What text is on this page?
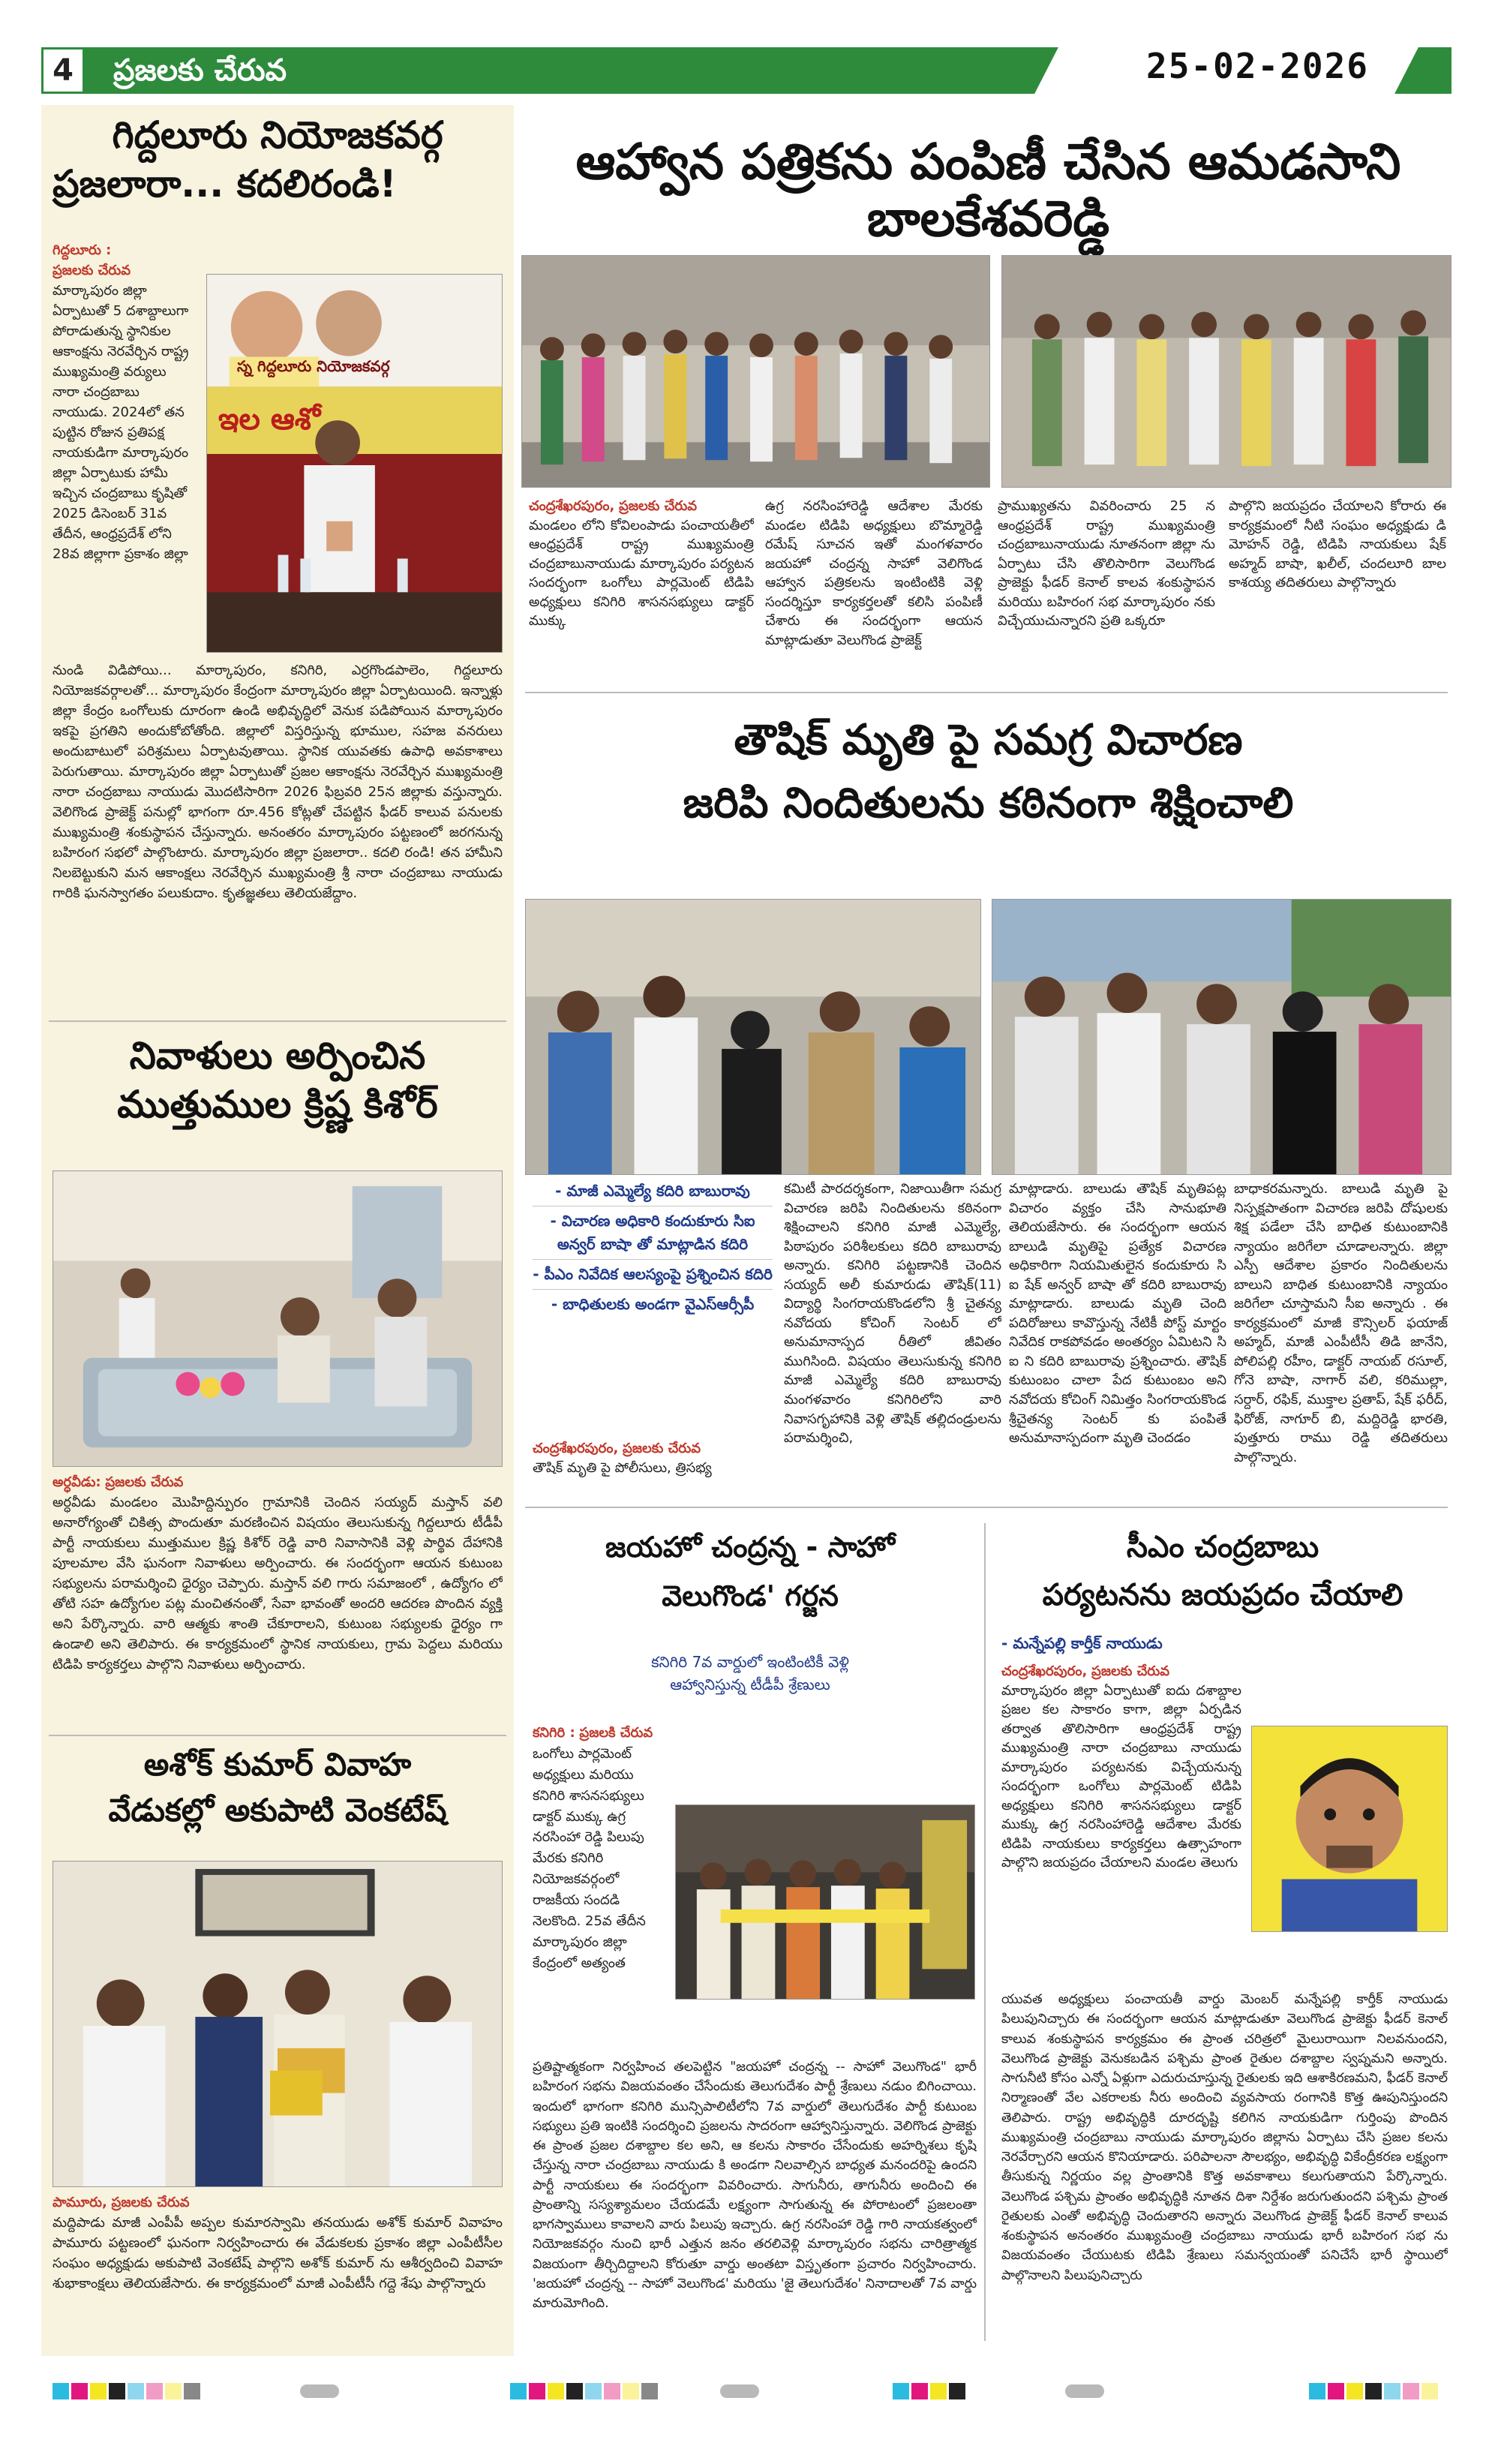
4	ప్రజలకు చేరువ	25-02-2026
గిద్దలూరు నియోజకవర్గ
ప్రజలారా... కదలిరండి!
గిద్దలూరు :
ప్రజలకు చేరువ
మార్కాపురం జిల్లా ఏర్పాటుతో 5 దశాబ్దాలుగా పోరాడుతున్న స్థానికుల ఆకాంక్షను నెరవేర్చిన రాష్ట్ర ముఖ్యమంత్రి వర్యులు నారా చంద్రబాబు నాయుడు. 2024లో తన పుట్టిన రోజున ప్రతిపక్ష నాయకుడిగా మార్కాపురం జిల్లా ఏర్పాటుకు హామీ ఇచ్చిన చంద్రబాబు కృషితో 2025 డిసెంబర్ 31వ తేదీన, ఆంధ్రప్రదేశ్ లోని 28వ జిల్లాగా ప్రకాశం జిల్లా
స్న గిద్దలూరు నియోజకవర్గ
ఇల ఆశో
నుండి విడిపోయి... మార్కాపురం, కనిగిరి, ఎర్రగొండపాలెం, గిద్దలూరు నియోజకవర్గాలతో... మార్కాపురం కేంద్రంగా మార్కాపురం జిల్లా ఏర్పాటయింది. ఇన్నాళ్లు జిల్లా కేంద్రం ఒంగోలుకు దూరంగా ఉండి అభివృద్ధిలో వెనుక పడిపోయిన మార్కాపురం ఇకపై ప్రగతిని అందుకోబోతోంది. జిల్లాలో విస్తరిస్తున్న భూముల, సహజ వనరులు అందుబాటులో పరిశ్రమలు ఏర్పాటవుతాయి. స్థానిక యువతకు ఉపాధి అవకాశాలు పెరుగుతాయి. మార్కాపురం జిల్లా ఏర్పాటుతో ప్రజల ఆకాంక్షను నెరవేర్చిన ముఖ్యమంత్రి నారా చంద్రబాబు నాయుడు మొదటిసారిగా 2026 ఫిబ్రవరి 25న జిల్లాకు వస్తున్నారు. వెలిగొండ ప్రాజెక్ట్ పనుల్లో భాగంగా రూ.456 కోట్లతో చేపట్టిన ఫీడర్ కాలువ పనులకు ముఖ్యమంత్రి శంకుస్థాపన చేస్తున్నారు. అనంతరం మార్కాపురం పట్టణంలో జరగనున్న బహిరంగ సభలో పాల్గొంటారు. మార్కాపురం జిల్లా ప్రజలారా.. కదలి రండి! తన హామీని నిలబెట్టుకుని మన ఆకాంక్షలు నెరవేర్చిన ముఖ్యమంత్రి శ్రీ నారా చంద్రబాబు నాయుడు గారికి ఘనస్వాగతం పలుకుదాం. కృతజ్ఞతలు తెలియజేద్దాం.
నివాళులు అర్పించిన
ముత్తుముల క్రిష్ణ కిశోర్
అర్ధవీడు: ప్రజలకు చేరువ
అర్ధవీడు మండలం మొహిద్దిన్పురం గ్రామానికి చెందిన సయ్యద్ మస్తాన్ వలి అనారోగ్యంతో చికిత్స పొందుతూ మరణించిన విషయం తెలుసుకున్న గిద్దలూరు టీడీపీ పార్టీ నాయకులు ముత్తుముల క్రిష్ణ కిశోర్ రెడ్డి వారి నివాసానికి వెళ్లి పార్థివ దేహానికి పూలమాల వేసి ఘనంగా నివాళులు అర్పించారు. ఈ సందర్భంగా ఆయన కుటుంబ సభ్యులను పరామర్శించి ధైర్యం చెప్పారు. మస్తాన్ వలి గారు సమాజంలో , ఉద్యోగం లో తోటి సహ ఉద్యోగుల పట్ల మంచితనంతో, సేవా భావంతో అందరి ఆదరణ పొందిన వ్యక్తి అని పేర్కొన్నారు. వారి ఆత్మకు శాంతి చేకూరాలని, కుటుంబ సభ్యులకు ధైర్యం గా ఉండాలి అని తెలిపారు. ఈ కార్యక్రమంలో స్థానిక నాయకులు, గ్రామ పెద్దలు మరియు టిడిపి కార్యకర్తలు పాల్గొని నివాళులు అర్పించారు.
అశోక్ కుమార్ వివాహ
వేడుకల్లో అకుపాటి వెంకటేష్
పామూరు, ప్రజలకు చేరువ
మద్దిపాడు మాజీ ఎంపీపీ అప్పల కుమారస్వామి తనయుడు అశోక్ కుమార్ వివాహం పామూరు పట్టణంలో ఘనంగా నిర్వహించారు ఈ వేడుకలకు ప్రకాశం జిల్లా ఎంపీటీసీల సంఘం అధ్యక్షుడు అకుపాటి వెంకటేష్ పాల్గొని అశోక్ కుమార్ ను ఆశీర్వదించి వివాహ శుభాకాంక్షలు తెలియజేసారు. ఈ కార్యక్రమంలో మాజీ ఎంపీటీసీ గద్దె శేషు పాల్గొన్నారు
ఆహ్వాన పత్రికను పంపిణీ చేసిన ఆమడసాని బాలకేశవరెడ్డి
చంద్రశేఖరపురం, ప్రజలకు చేరువ
మండలం లోని కోవిలంపాడు పంచాయతీలో ఆంధ్రప్రదేశ్ రాష్ట్ర ముఖ్యమంత్రి చంద్రబాబునాయుడు మార్కాపురం పర్యటన సందర్భంగా ఒంగోలు పార్లమెంట్ టిడిపి అధ్యక్షులు కనిగిరి శాసనసభ్యులు డాక్టర్ ముక్కు
ఉగ్ర నరసింహారెడ్డి ఆదేశాల మేరకు మండల టిడిపి అధ్యక్షులు బొమ్మారెడ్డి రమేష్ సూచన ఇతో మంగళవారం జయహో చంద్రన్న సాహో వెలిగొండ ఆహ్వాన పత్రికలను ఇంటింటికి వెళ్లి సందర్శిస్తూ కార్యకర్తలతో కలిసి పంపిణీ చేశారు ఈ సందర్భంగా ఆయన మాట్లాడుతూ వెలుగొండ ప్రాజెక్ట్
ప్రాముఖ్యతను వివరించారు 25 న ఆంధ్రప్రదేశ్ రాష్ట్ర ముఖ్యమంత్రి చంద్రబాబునాయుడు నూతనంగా జిల్లా ను ఏర్పాటు చేసి తొలిసారిగా వెలుగొండ ప్రాజెక్టు ఫీడర్ కెనాల్ కాలవ శంకుస్థాపన మరియు బహిరంగ సభ మార్కాపురం నకు విచ్చేయుచున్నారని ప్రతి ఒక్కరూ
పాల్గొని జయప్రదం చేయాలని కోరారు ఈ కార్యక్రమంలో నీటి సంఘం అధ్యక్షుడు డి మోహన్ రెడ్డి, టిడిపి నాయకులు షేక్ అహ్మద్ బాషా, ఖలీల్, చందలూరి బాల కాశయ్య తదితరులు పాల్గొన్నారు
తౌషిక్ మృతి పై సమగ్ర విచారణ
జరిపి నిందితులను కఠినంగా శిక్షించాలి
- మాజీ ఎమ్మెల్యే కదిరి బాబురావు
- విచారణ అధికారి కందుకూరు సిఐ అన్వర్ బాషా తో మాట్లాడిన కదిరి
- పీఎం నివేదిక ఆలస్యంపై ప్రశ్నించిన కదిరి
- బాధితులకు అండగా వైఎస్ఆర్సీపీ
చంద్రశేఖరపురం, ప్రజలకు చేరువ
తౌషిక్ మృతి పై పోలీసులు, త్రిసభ్య
కమిటీ పారదర్శకంగా, నిజాయితీగా సమగ్ర విచారణ జరిపి నిందితులను కఠినంగా శిక్షించాలని కనిగిరి మాజీ ఎమ్మెల్యే, పిఠాపురం పరిశీలకులు కదిరి బాబురావు అన్నారు. కనిగిరి పట్టణానికి చెందిన సయ్యద్ అలీ కుమారుడు తౌషిక్(11) విద్యార్థి సింగరాయకొండలోని శ్రీ చైతన్య నవోదయ కోచింగ్ సెంటర్ లో అనుమానాస్పద రీతిలో జీవితం ముగిసింది. విషయం తెలుసుకున్న కనిగిరి మాజీ ఎమ్మెల్యే కదిరి బాబురావు మంగళవారం కనిగిరిలోని వారి నివాసగృహానికి వెళ్లి తౌషిక్ తల్లిదండ్రులను పరామర్శించి,
మాట్లాడారు. బాలుడు తౌషిక్ మృతిపట్ల విచారం వ్యక్తం చేసి సానుభూతి తెలియజేసారు. ఈ సందర్భంగా ఆయన బాలుడి మృతిపై ప్రత్యేక విచారణ అధికారిగా నియమితులైన కందుకూరు సి ఐ షేక్ అన్వర్ బాషా తో కదిరి బాబురావు మాట్లాడారు. బాలుడు మృతి చెంది పదిరోజులు కావొస్తున్న నేటికీ పోస్ట్ మార్టం నివేదిక రాకపోవడం అంతర్యం ఏమిటని సి ఐ ని కదిరి బాబురావు ప్రశ్నించారు. తౌషిక్ కుటుంబం చాలా పేద కుటుంబం అని నవోదయ కోచింగ్ నిమిత్తం సింగరాయకొండ శ్రీచైతన్య సెంటర్ కు పంపితే అనుమానాస్పదంగా మృతి చెందడం
బాధాకరమన్నారు. బాలుడి మృతి పై నిస్పక్షపాతంగా విచారణ జరిపి దోషులకు శిక్ష పడేలా చేసి బాధిత కుటుంబానికి న్యాయం జరిగేలా చూడాలన్నారు. జిల్లా ఎస్పీ ఆదేశాల ప్రకారం నిందితులను బాలుని బాధిత కుటుంబానికి న్యాయం జరిగేలా చూస్తామని సీఐ అన్నారు . ఈ కార్యక్రమంలో మాజీ కౌన్సిలర్ ఫయాజ్ అహ్మద్, మాజీ ఎంపీటీసీ తిడి జానేని, పోలిపల్లి రహీం, డాక్టర్ నాయబ్ రసూల్, గోనె బాషా, నాగార్ వలి, కరిముల్లా, సర్దార్, రఫిక్, ముక్తాల ప్రతాప్, షేక్ ఫరీద్, ఫిరోజ్, నాగూర్ బి, మద్దిరెడ్డి భారతి, పుత్తూరు రాము రెడ్డి తదితరులు పాల్గొన్నారు.
జయహో చంద్రన్న - సాహో
వెలుగొండ' గర్జన
కనిగిరి 7వ వార్డులో ఇంటింటికీ వెళ్లి
ఆహ్వానిస్తున్న టీడీపీ శ్రేణులు
కనిగిరి : ప్రజలకి చేరువ
ఒంగోలు పార్లమెంట్ అధ్యక్షులు మరియు కనిగిరి శాసనసభ్యులు డాక్టర్ ముక్కు ఉగ్ర నరసింహా రెడ్డి పిలుపు మేరకు కనిగిరి నియోజకవర్గంలో రాజకీయ సందడి నెలకొంది. 25వ తేదీన మార్కాపురం జిల్లా కేంద్రంలో అత్యంత
ప్రతిష్టాత్మకంగా నిర్వహించ తలపెట్టిన "జయహో చంద్రన్న -- సాహో వెలుగొండ" భారీ బహిరంగ సభను విజయవంతం చేసేందుకు తెలుగుదేశం పార్టీ శ్రేణులు నడుం బిగించాయి. ఇందులో భాగంగా కనిగిరి మున్సిపాలిటీలోని 7వ వార్డులో తెలుగుదేశం పార్టీ కుటుంబ సభ్యులు ప్రతి ఇంటికి సందర్శించి ప్రజలను సాదరంగా ఆహ్వానిస్తున్నారు. వెలిగొండ ప్రాజెక్టు ఈ ప్రాంత ప్రజల దశాబ్దాల కల అని, ఆ కలను సాకారం చేసేందుకు అహర్నిశలు కృషి చేస్తున్న నారా చంద్రబాబు నాయుడు కి అండగా నిలవాల్సిన బాధ్యత మనందరిపై ఉందని పార్టీ నాయకులు ఈ సందర్భంగా వివరించారు. సాగునీరు, తాగునీరు అందించి ఈ ప్రాంతాన్ని సస్యశ్యామలం చేయడమే లక్ష్యంగా సాగుతున్న ఈ పోరాటంలో ప్రజలంతా భాగస్వాములు కావాలని వారు పిలుపు ఇచ్చారు. ఉగ్ర నరసింహా రెడ్డి గారి నాయకత్వంలో నియోజకవర్గం నుంచి భారీ ఎత్తున జనం తరలివెళ్లి మార్కాపురం సభను చారిత్రాత్మక విజయంగా తీర్చిదిద్దాలని కోరుతూ వార్డు అంతటా విస్తృతంగా ప్రచారం నిర్వహించారు. 'జయహో చంద్రన్న -- సాహో వెలుగొండ' మరియు 'జై తెలుగుదేశం' నినాదాలతో 7వ వార్డు మారుమోగింది.
సీఎం చంద్రబాబు
పర్యటనను జయప్రదం చేయాలి
- మన్నేపల్లి కార్తీక్ నాయుడు
చంద్రశేఖరపురం, ప్రజలకు చేరువ
మార్కాపురం జిల్లా ఏర్పాటుతో ఐదు దశాబ్దాల ప్రజల కల సాకారం కాగా, జిల్లా ఏర్పడిన తర్వాత తొలిసారిగా ఆంధ్రప్రదేశ్ రాష్ట్ర ముఖ్యమంత్రి నారా చంద్రబాబు నాయుడు మార్కాపురం పర్యటనకు విచ్చేయనున్న సందర్భంగా ఒంగోలు పార్లమెంట్ టిడిపి అధ్యక్షులు కనిగిరి శాసనసభ్యులు డాక్టర్ ముక్కు ఉగ్ర నరసింహారెడ్డి ఆదేశాల మేరకు టిడిపి నాయకులు కార్యకర్తలు ఉత్సాహంగా పాల్గొని జయప్రదం చేయాలని మండల తెలుగు
యువత అధ్యక్షులు పంచాయతీ వార్డు మెంబర్ మన్నేపల్లి కార్తీక్ నాయుడు పిలుపునిచ్చారు ఈ సందర్భంగా ఆయన మాట్లాడుతూ వెలుగొండ ప్రాజెక్టు ఫీడర్ కెనాల్ కాలువ శంకుస్థాపన కార్యక్రమం ఈ ప్రాంత చరిత్రలో మైలురాయిగా నిలవనుందని, వెలుగొండ ప్రాజెక్టు వెనుకబడిన పశ్చిమ ప్రాంత రైతుల దశాబ్దాల స్వప్నమని అన్నారు. సాగునీటి కోసం ఎన్నో ఏళ్లుగా ఎదురుచూస్తున్న రైతులకు ఇది ఆశాకిరణమని, ఫీడర్ కెనాల్ నిర్మాణంతో వేల ఎకరాలకు నీరు అందించి వ్యవసాయ రంగానికి కొత్త ఊపునిస్తుందని తెలిపారు. రాష్ట్ర అభివృద్ధికి దూరదృష్టి కలిగిన నాయకుడిగా గుర్తింపు పొందిన ముఖ్యమంత్రి చంద్రబాబు నాయుడు మార్కాపురం జిల్లాను ఏర్పాటు చేసి ప్రజల కలను నెరవేర్చారని ఆయన కొనియాడారు. పరిపాలనా సౌలభ్యం, అభివృద్ధి వికేంద్రీకరణ లక్ష్యంగా తీసుకున్న నిర్ణయం వల్ల ప్రాంతానికి కొత్త అవకాశాలు కలుగుతాయని పేర్కొన్నారు. వెలుగొండ పశ్చిమ ప్రాంతం అభివృద్ధికి నూతన దిశా నిర్దేశం జరుగుతుందని పశ్చిమ ప్రాంత రైతులకు ఎంతో అభివృద్ధి చెందుతారని అన్నారు వెలుగొండ ప్రాజెక్ట్ ఫీడర్ కెనాల్ కాలువ శంకుస్థాపన అనంతరం ముఖ్యమంత్రి చంద్రబాబు నాయుడు భారీ బహిరంగ సభ ను విజయవంతం చేయుటకు టిడిపి శ్రేణులు సమన్వయంతో పనిచేసే భారీ స్థాయిలో పాల్గొనాలని పిలుపునిచ్చారు
